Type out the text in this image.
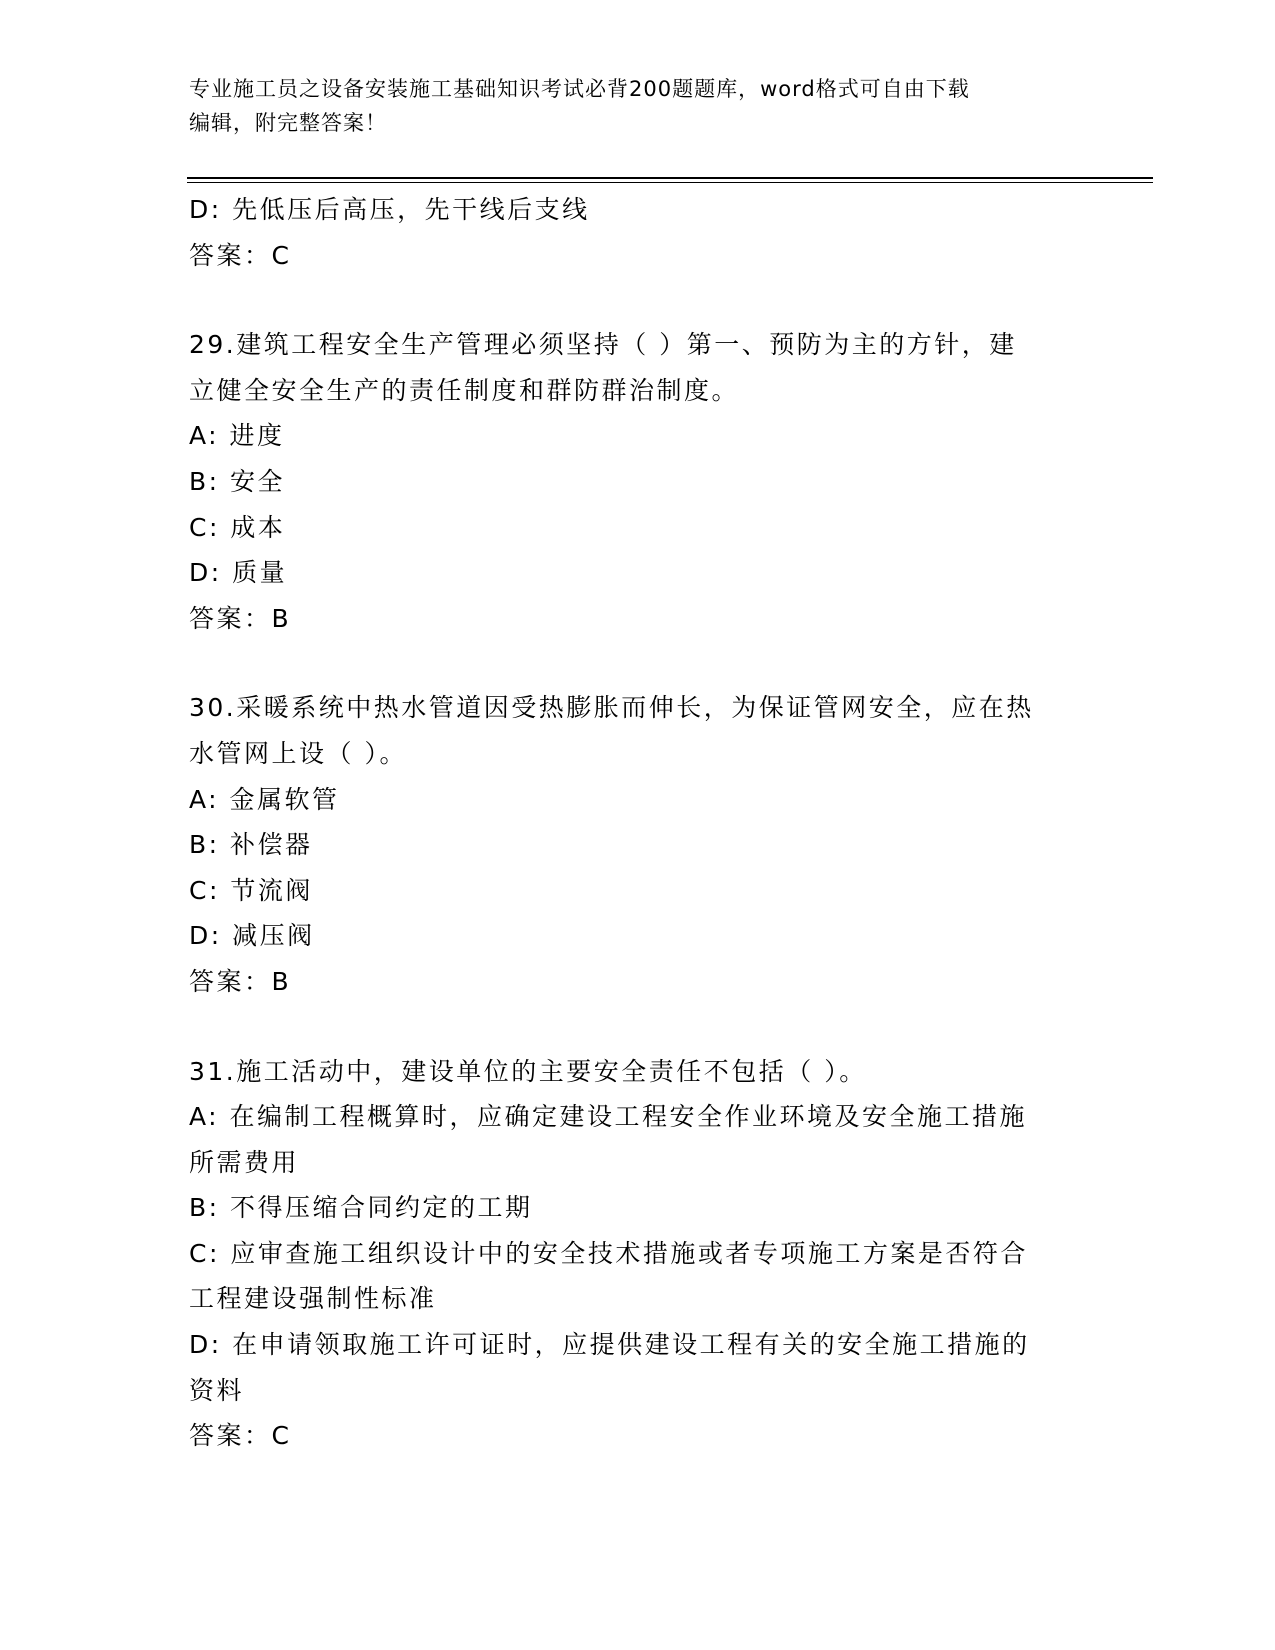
专业施工员之设备安装施工基础知识考试必背200题题库，word格式可自由下载
编辑，附完整答案！
D: 先低压后高压，先干线后支线
答案：C
29.建筑工程安全生产管理必须坚持（ ）第一、预防为主的方针，建
立健全安全生产的责任制度和群防群治制度。
A: 进度
B: 安全
C: 成本
D: 质量
答案：B
30.采暖系统中热水管道因受热膨胀而伸长，为保证管网安全，应在热
水管网上设（ ）。
A: 金属软管
B: 补偿器
C: 节流阀
D: 减压阀
答案：B
31.施工活动中，建设单位的主要安全责任不包括（ ）。
A: 在编制工程概算时，应确定建设工程安全作业环境及安全施工措施
所需费用
B: 不得压缩合同约定的工期
C: 应审查施工组织设计中的安全技术措施或者专项施工方案是否符合
工程建设强制性标准
D: 在申请领取施工许可证时，应提供建设工程有关的安全施工措施的
资料
答案：C
